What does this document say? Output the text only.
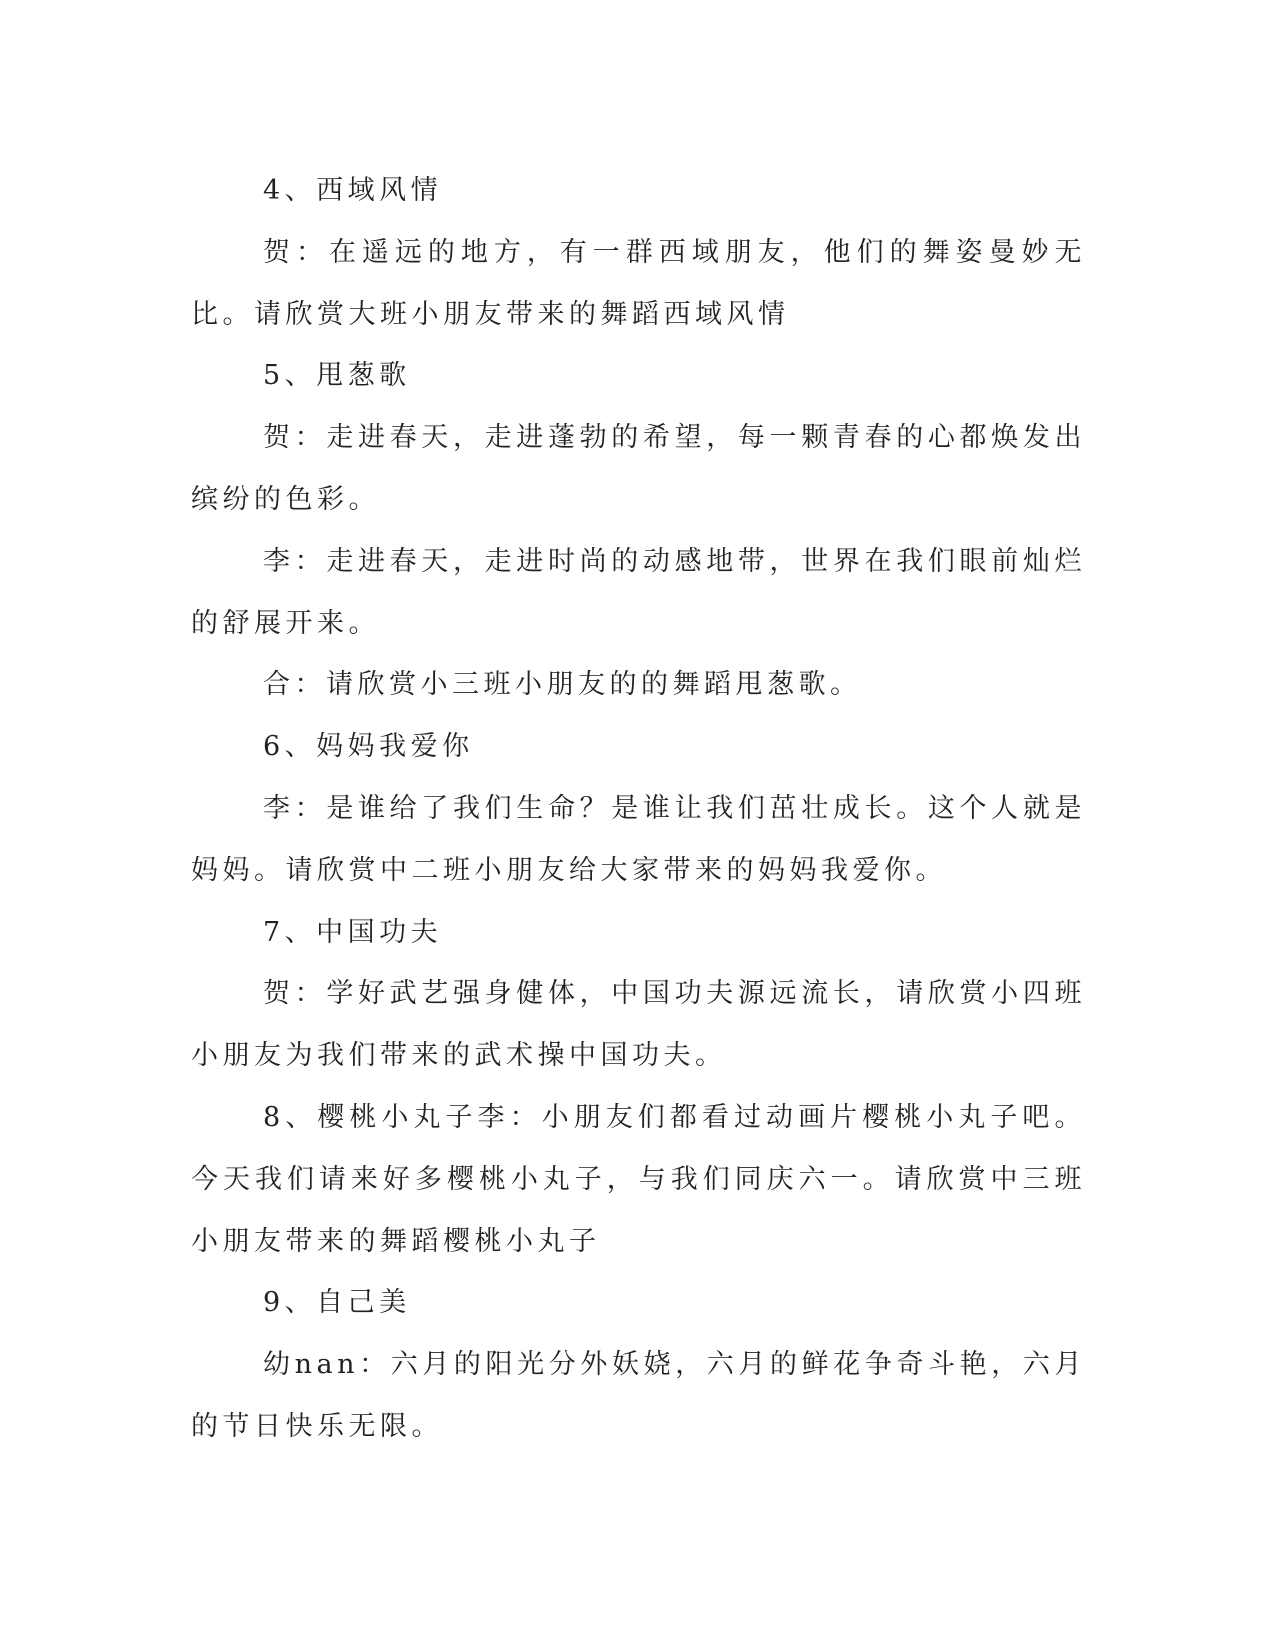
4、西域风情

贺：在遥远的地方，有一群西域朋友，他们的舞姿曼妙无比。请欣赏大班小朋友带来的舞蹈西域风情

5、甩葱歌

贺：走进春天，走进蓬勃的希望，每一颗青春的心都焕发出缤纷的色彩。

李：走进春天，走进时尚的动感地带，世界在我们眼前灿烂的舒展开来。

合：请欣赏小三班小朋友的的舞蹈甩葱歌。

6、妈妈我爱你

李：是谁给了我们生命？是谁让我们茁壮成长。这个人就是妈妈。请欣赏中二班小朋友给大家带来的妈妈我爱你。

7、中国功夫

贺：学好武艺强身健体，中国功夫源远流长，请欣赏小四班小朋友为我们带来的武术操中国功夫。

8、樱桃小丸子李：小朋友们都看过动画片樱桃小丸子吧。今天我们请来好多樱桃小丸子，与我们同庆六一。请欣赏中三班小朋友带来的舞蹈樱桃小丸子

9、自己美

幼nan：六月的阳光分外妖娆，六月的鲜花争奇斗艳，六月的节日快乐无限。
